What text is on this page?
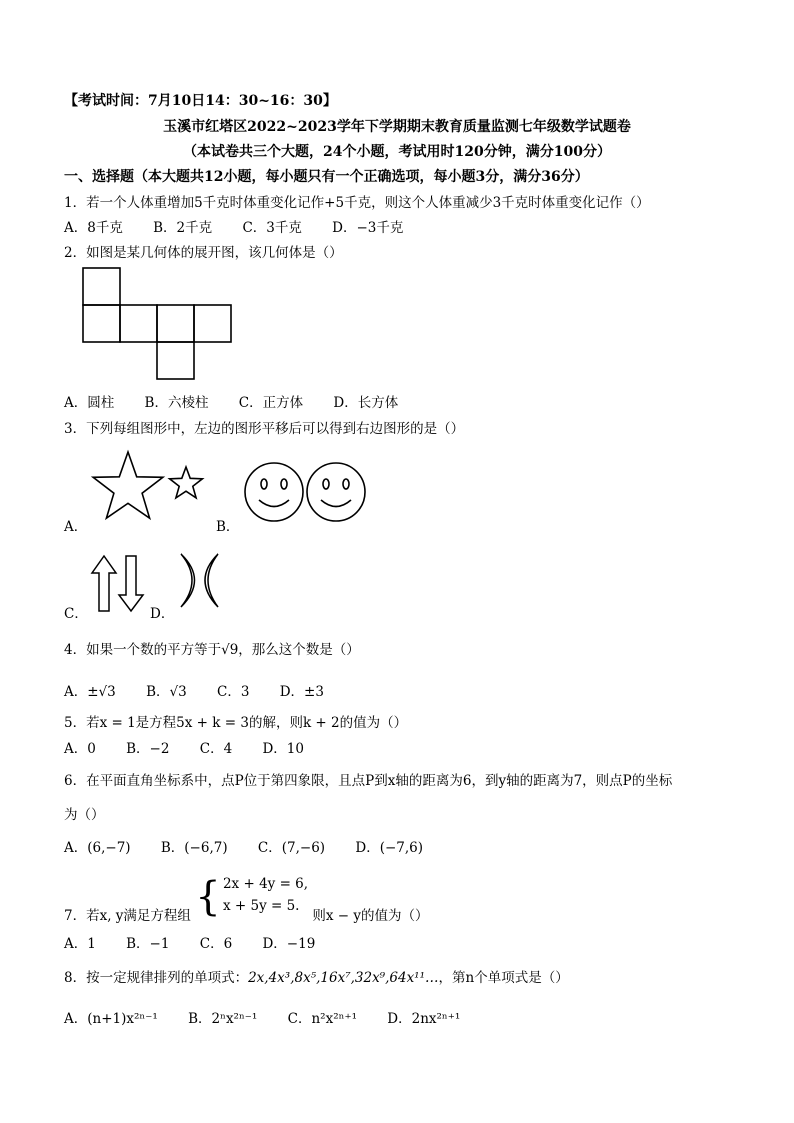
【考试时间：7月10日14：30~16：30】
玉溪市红塔区2022~2023学年下学期期末教育质量监测七年级数学试题卷
（本试卷共三个大题，24个小题，考试用时120分钟，满分100分）
一、选择题（本大题共12小题，每小题只有一个正确选项，每小题3分，满分36分）
1．若一个人体重增加5千克时体重变化记作+5千克，则这个人体重减少3千克时体重变化记作（）
A．8千克 B．2千克 C．3千克 D．−3千克
2．如图是某几何体的展开图，该几何体是（）
A．圆柱 B．六棱柱 C．正方体 D．长方体
3．下列每组图形中，左边的图形平移后可以得到右边图形的是（）
A．	B．
C．	D．
4．如果一个数的平方等于√9，那么这个数是（）
A．±√3 B．√3 C．3 D．±3
5．若x = 1是方程5x + k = 3的解，则k + 2的值为（）
A．0 B．−2 C．4 D．10
6．在平面直角坐标系中，点P位于第四象限，且点P到x轴的距离为6，到y轴的距离为7，则点P的坐标
为（）
A．(6,−7) B．(−6,7) C．(7,−6) D．(−7,6)
7．若x, y满足方程组 { 2x + 4y = 6,
x + 5y = 5. 则x − y的值为（）
A．1 B．−1 C．6 D．−19
8．按一定规律排列的单项式：2x,4x³,8x⁵,16x⁷,32x⁹,64x¹¹…，第n个单项式是（）
A．(n+1)x²ⁿ⁻¹ B．2ⁿx²ⁿ⁻¹ C．n²x²ⁿ⁺¹ D．2nx²ⁿ⁺¹
